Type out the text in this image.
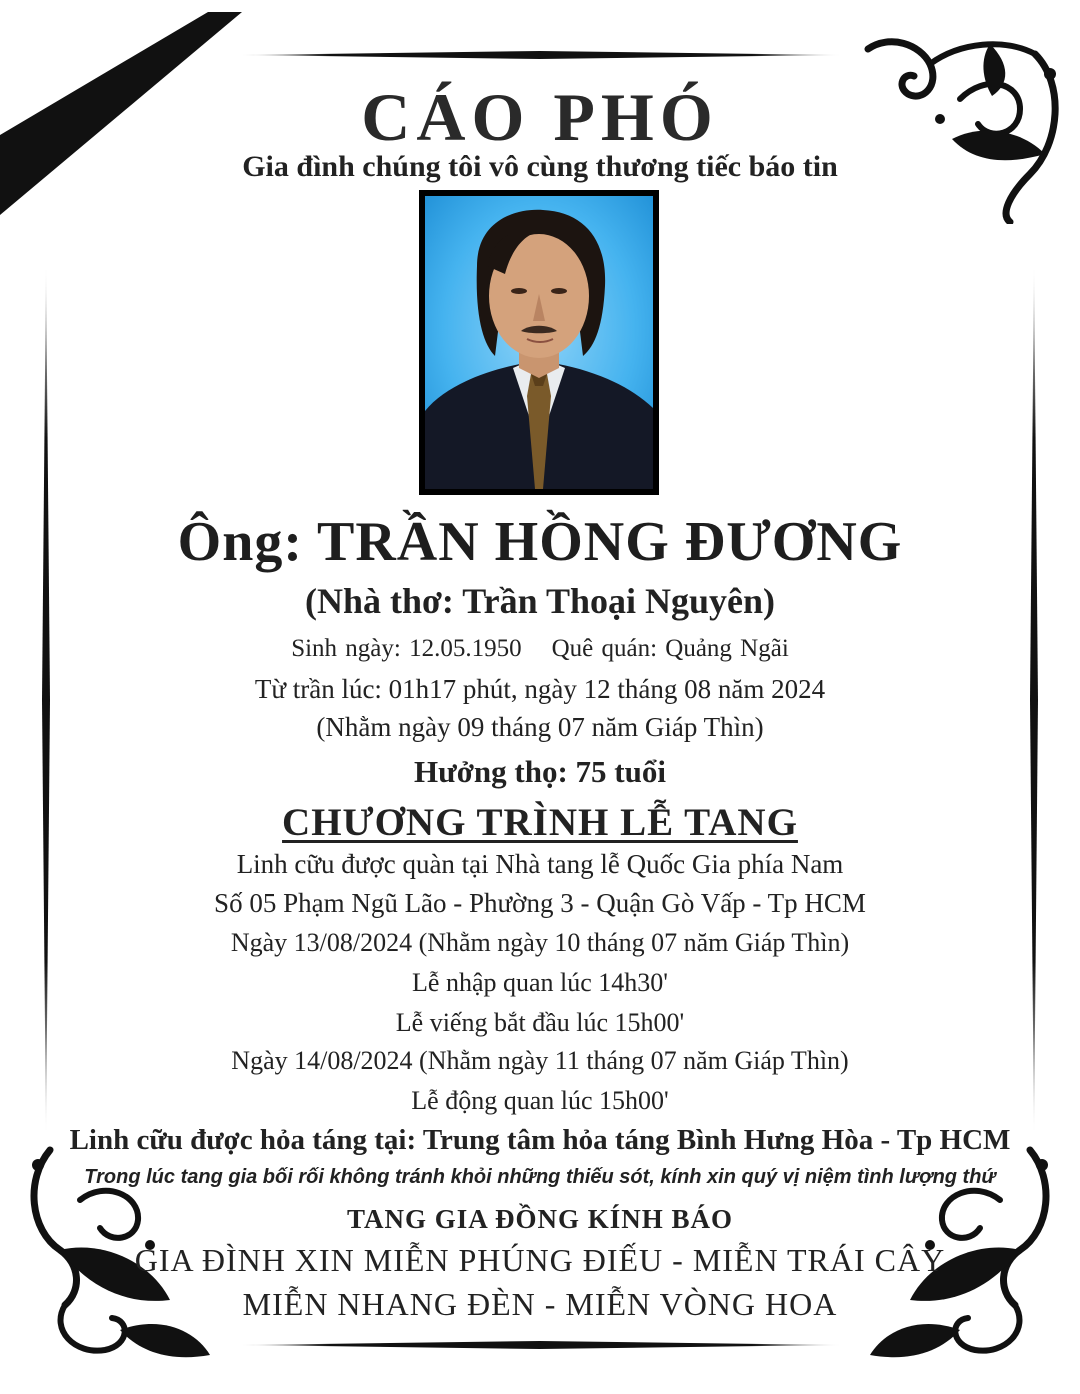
CÁO PHÓ
Gia đình chúng tôi vô cùng thương tiếc báo tin
Ông: TRẦN HỒNG ĐƯƠNG
(Nhà thơ: Trần Thoại Nguyên)
Sinh ngày: 12.05.1950 Quê quán: Quảng Ngãi
Từ trần lúc: 01h17 phút, ngày 12 tháng 08 năm 2024
(Nhằm ngày 09 tháng 07 năm Giáp Thìn)
Hưởng thọ: 75 tuổi
CHƯƠNG TRÌNH LỄ TANG
Linh cữu được quàn tại Nhà tang lễ Quốc Gia phía Nam
Số 05 Phạm Ngũ Lão - Phường 3 - Quận Gò Vấp - Tp HCM
Ngày 13/08/2024 (Nhằm ngày 10 tháng 07 năm Giáp Thìn)
Lễ nhập quan lúc 14h30'
Lễ viếng bắt đầu lúc 15h00'
Ngày 14/08/2024 (Nhằm ngày 11 tháng 07 năm Giáp Thìn)
Lễ động quan lúc 15h00'
Linh cữu được hỏa táng tại: Trung tâm hỏa táng Bình Hưng Hòa - Tp HCM
Trong lúc tang gia bối rối không tránh khỏi những thiếu sót, kính xin quý vị niệm tình lượng thứ
TANG GIA ĐỒNG KÍNH BÁO
GIA ĐÌNH XIN MIỄN PHÚNG ĐIẾU - MIỄN TRÁI CÂY
MIỄN NHANG ĐÈN - MIỄN VÒNG HOA
